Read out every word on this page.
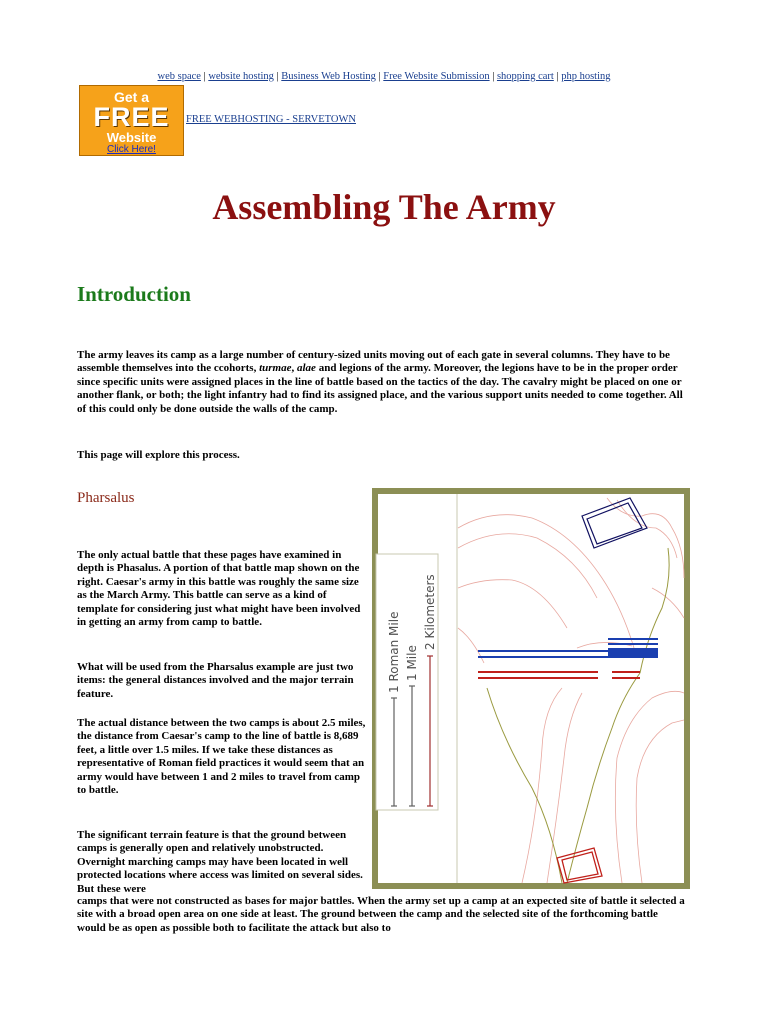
web space | website hosting | Business Web Hosting | Free Website Submission | shopping cart | php hosting
Get a
FREE
Website
Click Here!
FREE WEBHOSTING - SERVETOWN
Assembling The Army
Introduction

The army leaves its camp as a large number of century-sized units moving out of each gate in several columns. They have to be assemble themselves into the ccohorts, turmae, alae and legions of the army. Moreover, the legions have to be in the proper order since specific units were assigned places in the line of battle based on the tactics of the day. The cavalry might be placed on one or another flank, or both; the light infantry had to find its assigned place, and the various support units needed to come together. All of this could only be done outside the walls of the camp.

This page will explore this process.

Pharsalus

The only actual battle that these pages have examined in depth is Phasalus. A portion of that battle map shown on the right. Caesar's army in this battle was roughly the same size as the March Army. This battle can serve as a kind of template for considering just what might have been involved in getting an army from camp to battle.

What will be used from the Pharsalus example are just two items: the general distances involved and the major terrain feature.

The actual distance between the two camps is about 2.5 miles, the distance from Caesar's camp to the line of battle is 8,689 feet, a little over 1.5 miles. If we take these distances as representative of Roman field practices it would seem that an army would have between 1 and 2 miles to travel from camp to battle.

The significant terrain feature is that the ground between camps is generally open and relatively unobstructed. Overnight marching camps may have been located in well protected locations where access was limited on several sides. But these were

camps that were not constructed as bases for major battles. When the army set up a camp at an expected site of battle it selected a site with a broad open area on one side at least. The ground between the camp and the selected site of the forthcoming battle would be as open as possible both to facilitate the attack but also to

1 Roman Mile 1 Mile
2 Kilometers
